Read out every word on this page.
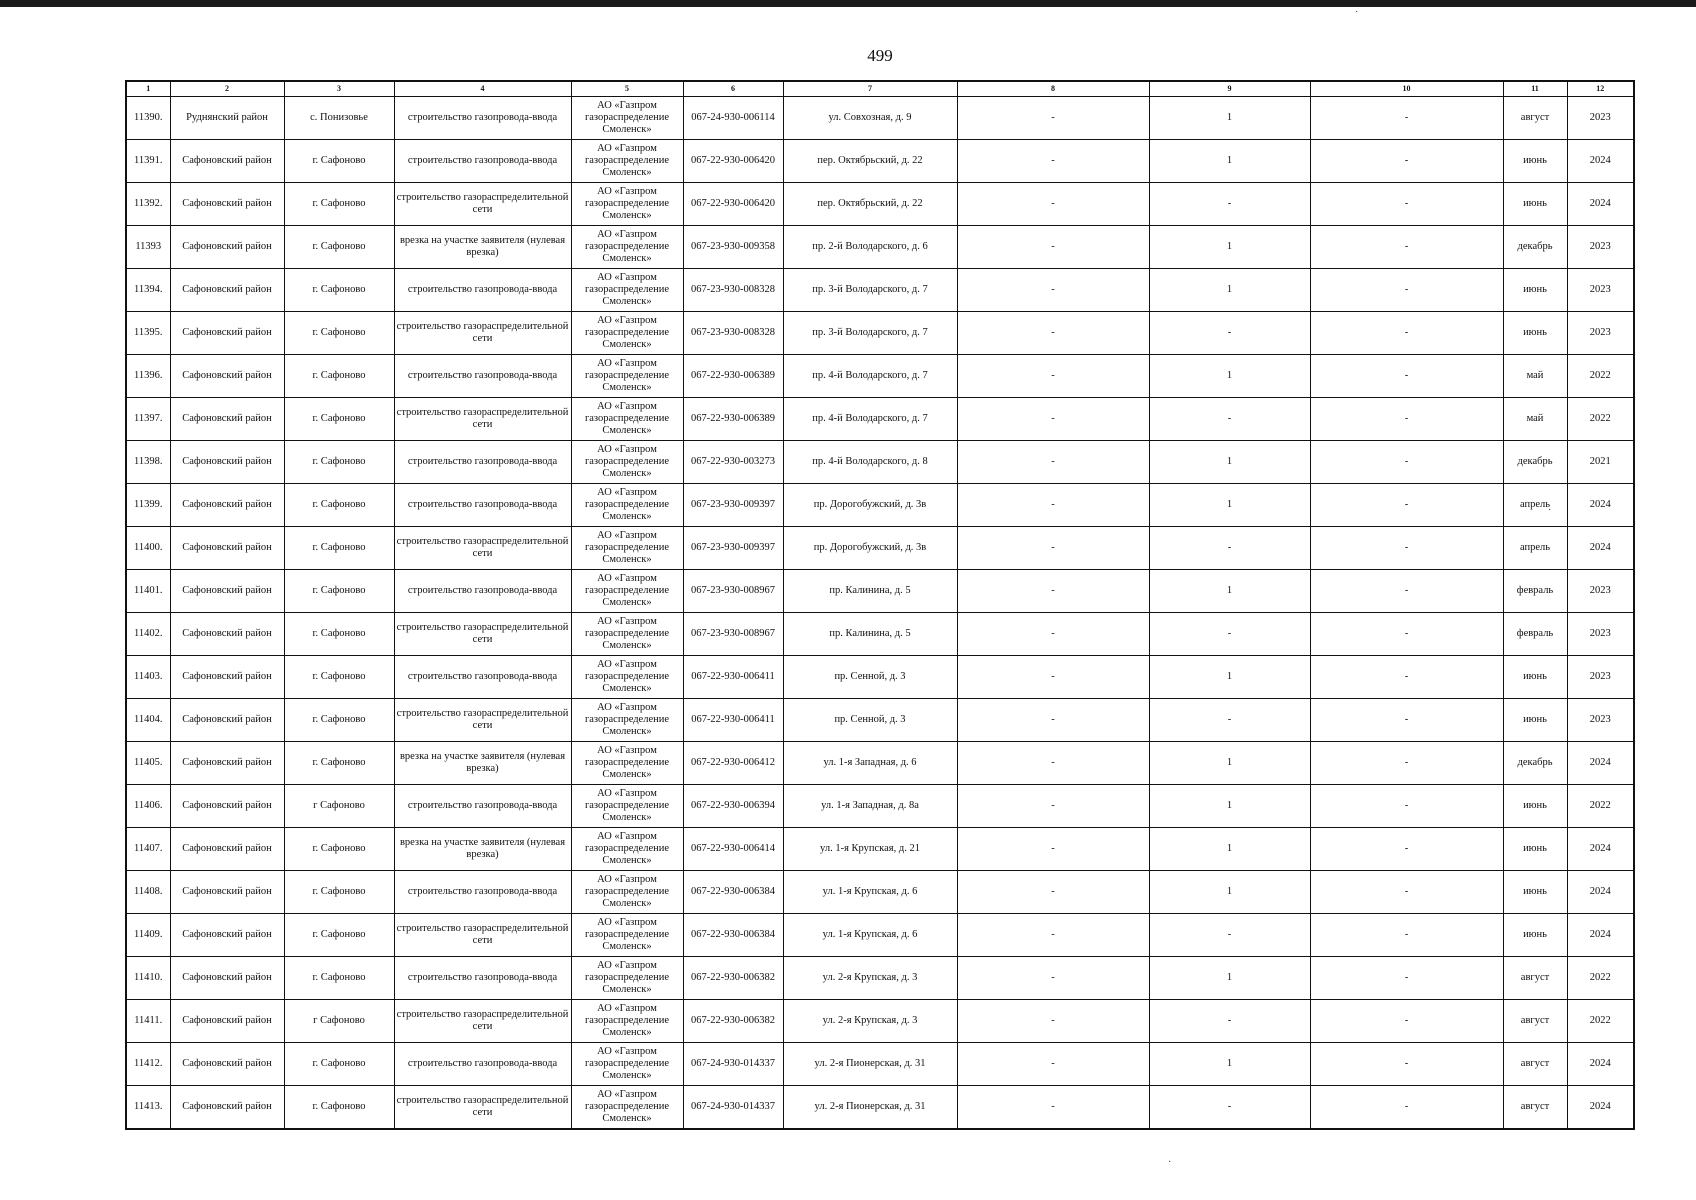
499
1	2	3	4	5	6	7	8	9	10	11	12
11390.	Руднянский район	с. Понизовье	строительство газопровода-ввода	АО «Газпром газораспределение Смоленск»	067-24-930-006114	ул. Совхозная, д. 9	-	1	-	август	2023
11391.	Сафоновский район	г. Сафоново	строительство газопровода-ввода	АО «Газпром газораспределение Смоленск»	067-22-930-006420	пер. Октябрьский, д. 22	-	1	-	июнь	2024
11392.	Сафоновский район	г. Сафоново	строительство газораспределительной сети	АО «Газпром газораспределение Смоленск»	067-22-930-006420	пер. Октябрьский, д. 22	-	-	-	июнь	2024
11393	Сафоновский район	г. Сафоново	врезка на участке заявителя (нулевая врезка)	АО «Газпром газораспределение Смоленск»	067-23-930-009358	пр. 2-й Володарского, д. 6	-	1	-	декабрь	2023
11394.	Сафоновский район	г. Сафоново	строительство газопровода-ввода	АО «Газпром газораспределение Смоленск»	067-23-930-008328	пр. 3-й Володарского, д. 7	-	1	-	июнь	2023
11395.	Сафоновский район	г. Сафоново	строительство газораспределительной сети	АО «Газпром газораспределение Смоленск»	067-23-930-008328	пр. 3-й Володарского, д. 7	-	-	-	июнь	2023
11396.	Сафоновский район	г. Сафоново	строительство газопровода-ввода	АО «Газпром газораспределение Смоленск»	067-22-930-006389	пр. 4-й Володарского, д. 7	-	1	-	май	2022
11397.	Сафоновский район	г. Сафоново	строительство газораспределительной сети	АО «Газпром газораспределение Смоленск»	067-22-930-006389	пр. 4-й Володарского, д. 7	-	-	-	май	2022
11398.	Сафоновский район	г. Сафоново	строительство газопровода-ввода	АО «Газпром газораспределение Смоленск»	067-22-930-003273	пр. 4-й Володарского, д. 8	-	1	-	декабрь	2021
11399.	Сафоновский район	г. Сафоново	строительство газопровода-ввода	АО «Газпром газораспределение Смоленск»	067-23-930-009397	пр. Дорогобужский, д. 3в	-	1	-	апрель	2024
11400.	Сафоновский район	г. Сафоново	строительство газораспределительной сети	АО «Газпром газораспределение Смоленск»	067-23-930-009397	пр. Дорогобужский, д. 3в	-	-	-	апрель	2024
11401.	Сафоновский район	г. Сафоново	строительство газопровода-ввода	АО «Газпром газораспределение Смоленск»	067-23-930-008967	пр. Калинина, д. 5	-	1	-	февраль	2023
11402.	Сафоновский район	г. Сафоново	строительство газораспределительной сети	АО «Газпром газораспределение Смоленск»	067-23-930-008967	пр. Калинина, д. 5	-	-	-	февраль	2023
11403.	Сафоновский район	г. Сафоново	строительство газопровода-ввода	АО «Газпром газораспределение Смоленск»	067-22-930-006411	пр. Сенной, д. 3	-	1	-	июнь	2023
11404.	Сафоновский район	г. Сафоново	строительство газораспределительной сети	АО «Газпром газораспределение Смоленск»	067-22-930-006411	пр. Сенной, д. 3	-	-	-	июнь	2023
11405.	Сафоновский район	г. Сафоново	врезка на участке заявителя (нулевая врезка)	АО «Газпром газораспределение Смоленск»	067-22-930-006412	ул. 1-я Западная, д. 6	-	1	-	декабрь	2024
11406.	Сафоновский район	г Сафоново	строительство газопровода-ввода	АО «Газпром газораспределение Смоленск»	067-22-930-006394	ул. 1-я Западная, д. 8а	-	1	-	июнь	2022
11407.	Сафоновский район	г. Сафоново	врезка на участке заявителя (нулевая врезка)	АО «Газпром газораспределение Смоленск»	067-22-930-006414	ул. 1-я Крупская, д. 21	-	1	-	июнь	2024
11408.	Сафоновский район	г. Сафоново	строительство газопровода-ввода	АО «Газпром газораспределение Смоленск»	067-22-930-006384	ул. 1-я Крупская, д. 6	-	1	-	июнь	2024
11409.	Сафоновский район	г. Сафоново	строительство газораспределительной сети	АО «Газпром газораспределение Смоленск»	067-22-930-006384	ул. 1-я Крупская, д. 6	-	-	-	июнь	2024
11410.	Сафоновский район	г. Сафоново	строительство газопровода-ввода	АО «Газпром газораспределение Смоленск»	067-22-930-006382	ул. 2-я Крупская, д. 3	-	1	-	август	2022
11411.	Сафоновский район	г Сафоново	строительство газораспределительной сети	АО «Газпром газораспределение Смоленск»	067-22-930-006382	ул. 2-я Крупская, д. 3	-	-	-	август	2022
11412.	Сафоновский район	г. Сафоново	строительство газопровода-ввода	АО «Газпром газораспределение Смоленск»	067-24-930-014337	ул. 2-я Пионерская, д. 31	-	1	-	август	2024
11413.	Сафоновский район	г. Сафоново	строительство газораспределительной сети	АО «Газпром газораспределение Смоленск»	067-24-930-014337	ул. 2-я Пионерская, д. 31	-	-	-	август	2024
˙
·
·
